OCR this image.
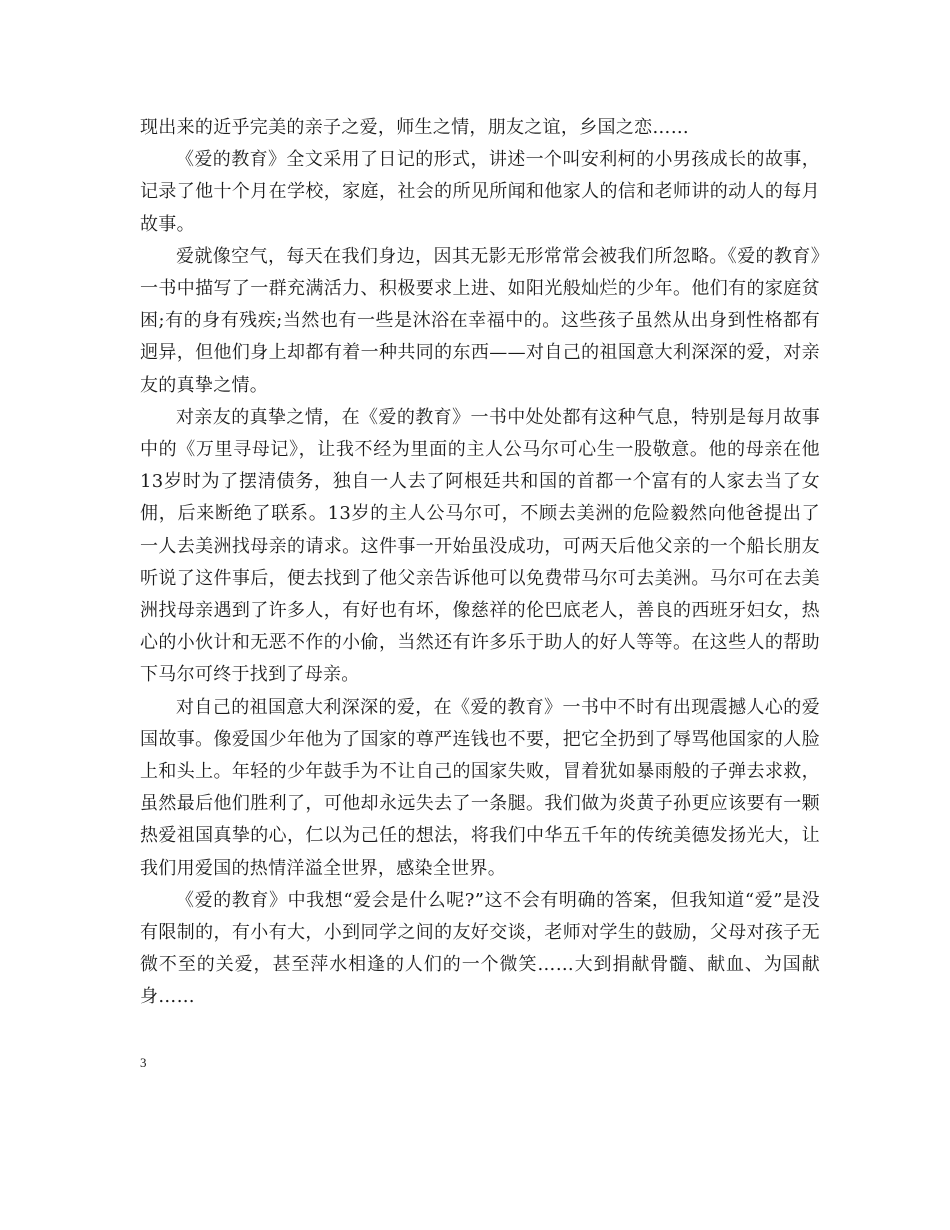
现出来的近乎完美的亲子之爱，师生之情，朋友之谊，乡国之恋……

《爱的教育》全文采用了日记的形式，讲述一个叫安利柯的小男孩成长的故事，记录了他十个月在学校，家庭，社会的所见所闻和他家人的信和老师讲的动人的每月故事。

爱就像空气，每天在我们身边，因其无影无形常常会被我们所忽略。《爱的教育》一书中描写了一群充满活力、积极要求上进、如阳光般灿烂的少年。他们有的家庭贫困;有的身有残疾;当然也有一些是沐浴在幸福中的。这些孩子虽然从出身到性格都有迥异，但他们身上却都有着一种共同的东西——对自己的祖国意大利深深的爱，对亲友的真挚之情。

对亲友的真挚之情，在《爱的教育》一书中处处都有这种气息，特别是每月故事中的《万里寻母记》，让我不经为里面的主人公马尔可心生一股敬意。他的母亲在他13岁时为了摆清债务，独自一人去了阿根廷共和国的首都一个富有的人家去当了女佣，后来断绝了联系。13岁的主人公马尔可，不顾去美洲的危险毅然向他爸提出了一人去美洲找母亲的请求。这件事一开始虽没成功，可两天后他父亲的一个船长朋友听说了这件事后，便去找到了他父亲告诉他可以免费带马尔可去美洲。马尔可在去美洲找母亲遇到了许多人，有好也有坏，像慈祥的伦巴底老人，善良的西班牙妇女，热心的小伙计和无恶不作的小偷，当然还有许多乐于助人的好人等等。在这些人的帮助下马尔可终于找到了母亲。

对自己的祖国意大利深深的爱，在《爱的教育》一书中不时有出现震撼人心的爱国故事。像爱国少年他为了国家的尊严连钱也不要，把它全扔到了辱骂他国家的人脸上和头上。年轻的少年鼓手为不让自己的国家失败，冒着犹如暴雨般的子弹去求救，虽然最后他们胜利了，可他却永远失去了一条腿。我们做为炎黄子孙更应该要有一颗热爱祖国真挚的心，仁以为己任的想法，将我们中华五千年的传统美德发扬光大，让我们用爱国的热情洋溢全世界，感染全世界。

《爱的教育》中我想“爱会是什么呢?”这不会有明确的答案，但我知道“爱”是没有限制的，有小有大，小到同学之间的友好交谈，老师对学生的鼓励，父母对孩子无微不至的关爱，甚至萍水相逢的人们的一个微笑……大到捐献骨髓、献血、为国献身……

3
